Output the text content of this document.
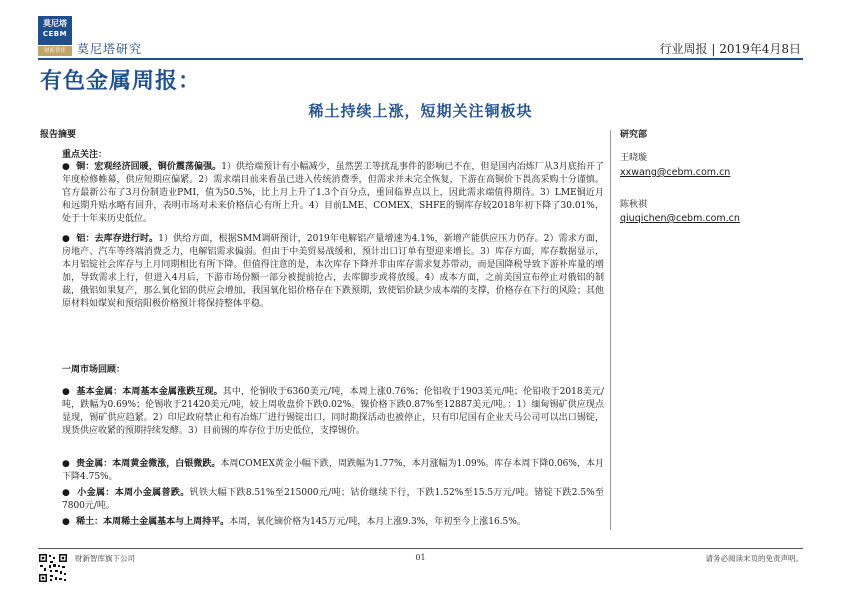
莫尼塔
CEBM
财新智库 莫尼塔研究	行业周报 | 2019年4月8日
有色金属周报：
稀土持续上涨，短期关注铜板块
报告摘要	研究部
王晓璇
xxwang@cebm.com.cn
陈秋祺
qiuqichen@cebm.com.cn
重点关注：
●  铜：宏观经济回暖，铜价震荡偏强。1）供给端预计有小幅减少，虽然罢工等扰乱事件的影响已不在，但是国内冶炼厂从3月底抬开了年度检修帷幕，供应短期应偏紧。2）需求端目前来看虽已进入传统消费季，但需求并未完全恢复，下游在高铜价下畏高采购十分谨慎。官方最新公布了3月份制造业PMI，值为50.5%，比上月上升了1.3个百分点，重回临界点以上，因此需求端值得期待。3）LME铜近月和远期升贴水略有回升，表明市场对未来价格信心有所上升。4）目前LME、COMEX、SHFE的铜库存较2018年初下降了30.01%，处于十年来历史低位。
●  铝：去库存进行时。1）供给方面，根据SMM调研预计，2019年电解铝产量增速为4.1%，新增产能供应压力仍存。2）需求方面，房地产、汽车等终端消费乏力，电解铝需求偏弱。但由于中美贸易战缓和，预计出口订单有望迎来增长。3）库存方面，库存数据显示，本月铝锭社会库存与上月同期相比有所下降。但值得注意的是，本次库存下降并非由库存需求复苏带动，而是国降税导致下游补库量的增加，导致需求上行，但进入4月后，下游市场份额一部分被提前抢占，去库脚步或将放缓。4）成本方面，之前美国宣布停止对俄铝的制裁，俄铝如果复产，那么氧化铝的供应会增加，我国氧化铝价格存在下跌预期，致使铝价缺少成本端的支撑，价格存在下行的风险；其他原材料如煤炭和预焙阳极价格预计将保持整体平稳。
一周市场回顾：
●  基本金属：本周基本金属涨跌互现。其中，伦铜收于6360美元/吨，本周上涨0.76%；伦铝收于1903美元/吨；伦铅收于2018美元/吨，跌幅为0.69%；伦锡收于21420美元/吨，较上周收盘价下跌0.02%。镍价格下跌0.87%至12887美元/吨。：1）缅甸锡矿供应现点显现，锡矿供应趋紧。2）印尼政府禁止和有冶炼厂进行锡锭出口，同时勘探活动也被停止，只有印尼国有企业天马公司可以出口锡锭，现货供应收紧的预期持续发酵。3）目前锡的库存位于历史低位，支撑锡价。
●  贵金属：本周黄金微涨，白银微跌。本周COMEX黄金小幅下跌，周跌幅为1.77%，本月涨幅为1.09%。库存本周下降0.06%，本月下降4.75%。
●  小金属：本周小金属普跌。钒铁大幅下跌8.51%至215000元/吨；钴价继续下行，下跌1.52%至15.5万元/吨。锗锭下跌2.5%至7800元/吨。
●  稀土：本周稀土金属基本与上周持平。本周，氧化镝价格为145万元/吨，本月上涨9.3%，年初至今上涨16.5%。
财新智库旗下公司	01	请务必阅读末页的免责声明。
